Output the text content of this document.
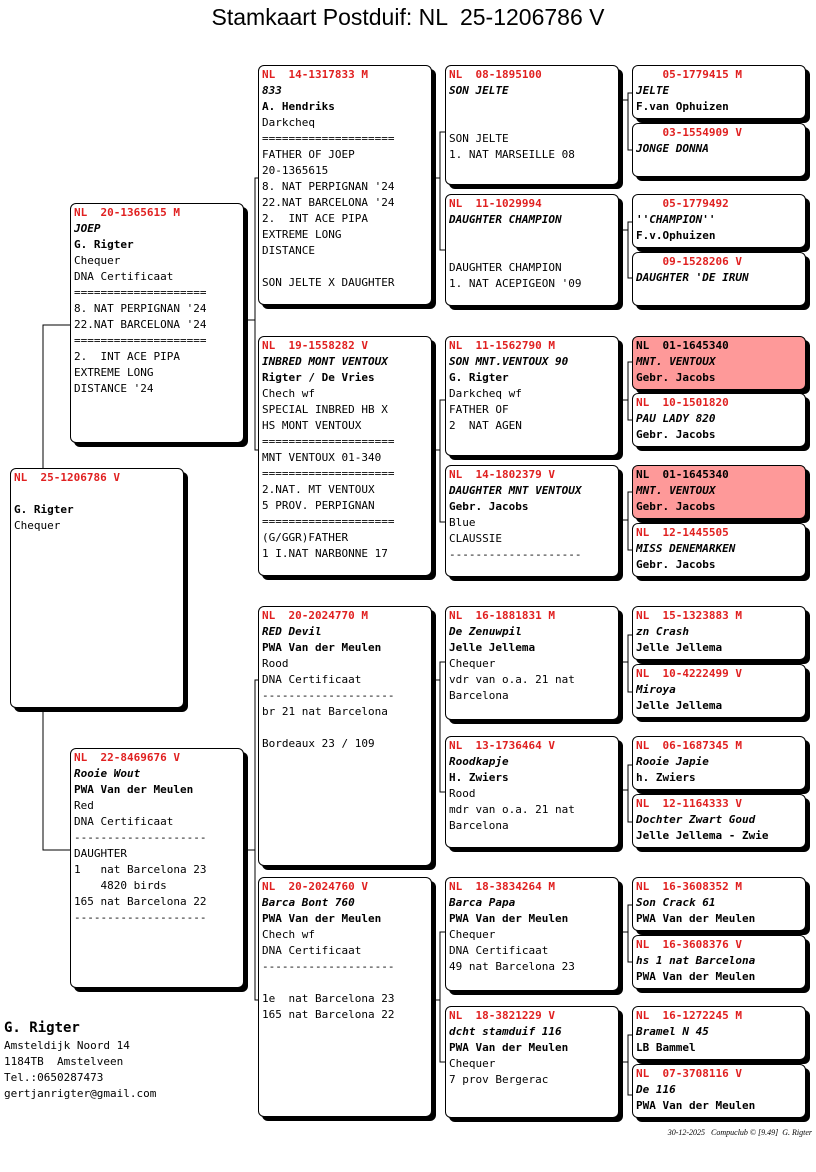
Stamkaart Postduif: NL  25-1206786 V
NL  25-1206786 V
G. Rigter
Chequer
NL  20-1365615 M
JOEP
G. Rigter
Chequer
DNA Certificaat
====================
8. NAT PERPIGNAN '24
22.NAT BARCELONA '24
====================
2.  INT ACE PIPA
EXTREME LONG
DISTANCE '24
NL  22-8469676 V
Rooie Wout
PWA Van der Meulen
Red
DNA Certificaat
--------------------
DAUGHTER
1   nat Barcelona 23
4820 birds
165 nat Barcelona 22
--------------------
NL  14-1317833 M
833
A. Hendriks
Darkcheq
====================
FATHER OF JOEP
20-1365615
8. NAT PERPIGNAN '24
22.NAT BARCELONA '24
2.  INT ACE PIPA
EXTREME LONG
DISTANCE
SON JELTE X DAUGHTER
NL  19-1558282 V
INBRED MONT VENTOUX
Rigter / De Vries
Chech wf
SPECIAL INBRED HB X
HS MONT VENTOUX
====================
MNT VENTOUX 01-340
====================
2.NAT. MT VENTOUX
5 PROV. PERPIGNAN
====================
(G/GGR)FATHER
1 I.NAT NARBONNE 17
NL  20-2024770 M
RED Devil
PWA Van der Meulen
Rood
DNA Certificaat
--------------------
br 21 nat Barcelona
Bordeaux 23 / 109
NL  20-2024760 V
Barca Bont 760
PWA Van der Meulen
Chech wf
DNA Certificaat
--------------------
1e  nat Barcelona 23
165 nat Barcelona 22
NL  08-1895100
SON JELTE
SON JELTE
1. NAT MARSEILLE 08
NL  11-1029994
DAUGHTER CHAMPION
DAUGHTER CHAMPION
1. NAT ACEPIGEON '09
NL  11-1562790 M
SON MNT.VENTOUX 90
G. Rigter
Darkcheq wf
FATHER OF
2  NAT AGEN
NL  14-1802379 V
DAUGHTER MNT VENTOUX
Gebr. Jacobs
Blue
CLAUSSIE
--------------------
NL  16-1881831 M
De Zenuwpil
Jelle Jellema
Chequer
vdr van o.a. 21 nat
Barcelona
NL  13-1736464 V
Roodkapje
H. Zwiers
Rood
mdr van o.a. 21 nat
Barcelona
NL  18-3834264 M
Barca Papa
PWA Van der Meulen
Chequer
DNA Certificaat
49 nat Barcelona 23
NL  18-3821229 V
dcht stamduif 116
PWA Van der Meulen
Chequer
7 prov Bergerac
05-1779415 M
JELTE
F.van Ophuizen
03-1554909 V
JONGE DONNA
05-1779492
''CHAMPION''
F.v.Ophuizen
09-1528206 V
DAUGHTER 'DE IRUN
NL  01-1645340
MNT. VENTOUX
Gebr. Jacobs
NL  10-1501820
PAU LADY 820
Gebr. Jacobs
NL  01-1645340
MNT. VENTOUX
Gebr. Jacobs
NL  12-1445505
MISS DENEMARKEN
Gebr. Jacobs
NL  15-1323883 M
zn Crash
Jelle Jellema
NL  10-4222499 V
Miroya
Jelle Jellema
NL  06-1687345 M
Rooie Japie
h. Zwiers
NL  12-1164333 V
Dochter Zwart Goud
Jelle Jellema - Zwie
NL  16-3608352 M
Son Crack 61
PWA Van der Meulen
NL  16-3608376 V
hs 1 nat Barcelona
PWA Van der Meulen
NL  16-1272245 M
Bramel N 45
LB Bammel
NL  07-3708116 V
De 116
PWA Van der Meulen
G. Rigter
Amsteldijk Noord 14
1184TB  Amstelveen
Tel.:0650287473
gertjanrigter@gmail.com
30-12-2025   Compuclub © [9.49]  G. Rigter
